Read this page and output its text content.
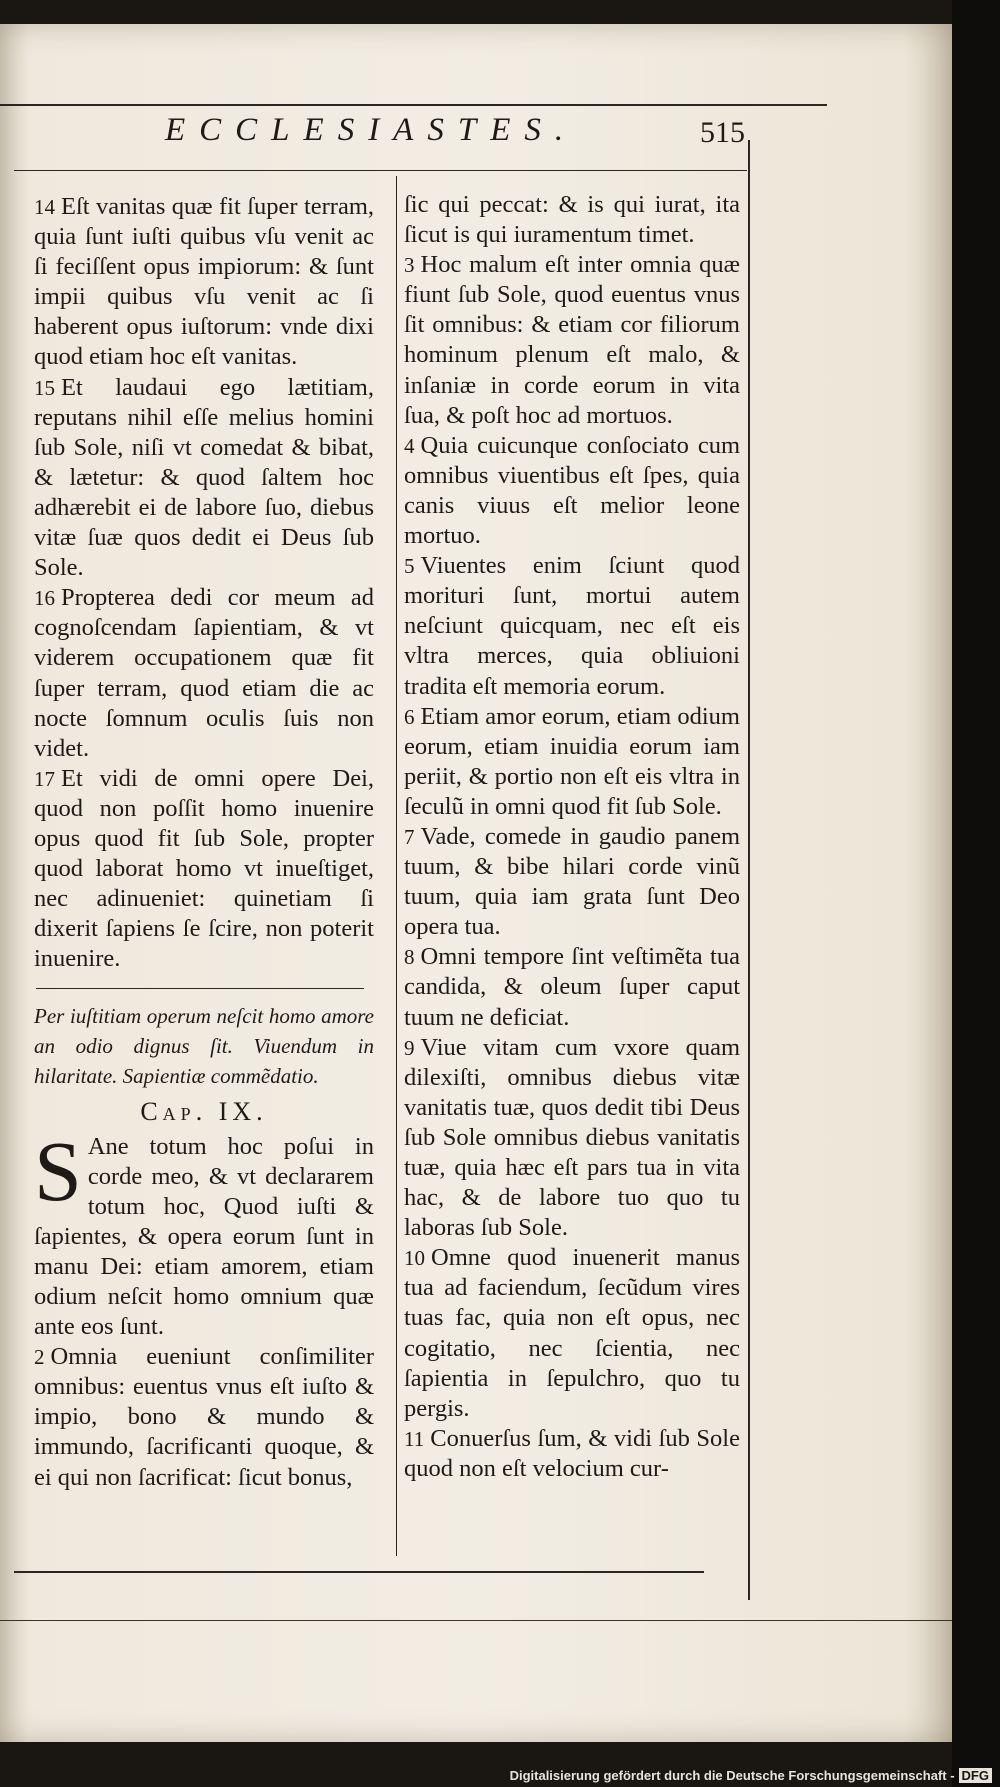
ECCLESIASTES.	515

14 Eſt vanitas quæ fit ſuper terram, quia ſunt iuſti quibus vſu venit ac ſi feciſſent opus impiorum: & ſunt impii quibus vſu venit ac ſi haberent opus iuſtorum: vnde dixi quod etiam hoc eſt vanitas.

15 Et laudaui ego lætitiam, reputans nihil eſſe melius homini ſub Sole, niſi vt comedat & bibat, & lætetur: & quod ſaltem hoc adhærebit ei de labore ſuo, diebus vitæ ſuæ quos dedit ei Deus ſub Sole.

16 Propterea dedi cor meum ad cognoſcendam ſapientiam, & vt viderem occupationem quæ fit ſuper terram, quod etiam die ac nocte ſomnum oculis ſuis non videt.

17 Et vidi de omni opere Dei, quod non poſſit homo inuenire opus quod fit ſub Sole, propter quod laborat homo vt inueſtiget, nec adinueniet: quinetiam ſi dixerit ſapiens ſe ſcire, non poterit inuenire.

Per iuſtitiam operum neſcit homo amore an odio dignus ſit. Viuendum in hilaritate. Sapientiæ commẽdatio.

Cap. IX.

S Ane totum hoc poſui in corde meo, & vt declararem totum hoc, Quod iuſti & ſapientes, & opera eorum ſunt in manu Dei: etiam amorem, etiam odium neſcit homo omnium quæ ante eos ſunt.

2 Omnia eueniunt conſimiliter omnibus: euentus vnus eſt iuſto & impio, bono & mundo & immundo, ſacrificanti quoque, & ei qui non ſacrificat: ſicut bonus,

ſic qui peccat: & is qui iurat, ita ſicut is qui iuramentum timet.

3 Hoc malum eſt inter omnia quæ fiunt ſub Sole, quod euentus vnus ſit omnibus: & etiam cor filiorum hominum plenum eſt malo, & inſaniæ in corde eorum in vita ſua, & poſt hoc ad mortuos.

4 Quia cuicunque conſociato cum omnibus viuentibus eſt ſpes, quia canis viuus eſt melior leone mortuo.

5 Viuentes enim ſciunt quod morituri ſunt, mortui autem neſciunt quicquam, nec eſt eis vltra merces, quia obliuioni tradita eſt memoria eorum.

6 Etiam amor eorum, etiam odium eorum, etiam inuidia eorum iam periit, & portio non eſt eis vltra in ſeculũ in omni quod fit ſub Sole.

7 Vade, comede in gaudio panem tuum, & bibe hilari corde vinũ tuum, quia iam grata ſunt Deo opera tua.

8 Omni tempore ſint veſtimẽta tua candida, & oleum ſuper caput tuum ne deficiat.

9 Viue vitam cum vxore quam dilexiſti, omnibus diebus vitæ vanitatis tuæ, quos dedit tibi Deus ſub Sole omnibus diebus vanitatis tuæ, quia hæc eſt pars tua in vita hac, & de labore tuo quo tu laboras ſub Sole.

10 Omne quod inuenerit manus tua ad faciendum, ſecũdum vires tuas fac, quia non eſt opus, nec cogitatio, nec ſcientia, nec ſapientia in ſepulchro, quo tu pergis.

11 Conuerſus ſum, & vidi ſub Sole quod non eſt velocium cur-

Digitalisierung gefördert durch die Deutsche Forschungsgemeinschaft - DFG
